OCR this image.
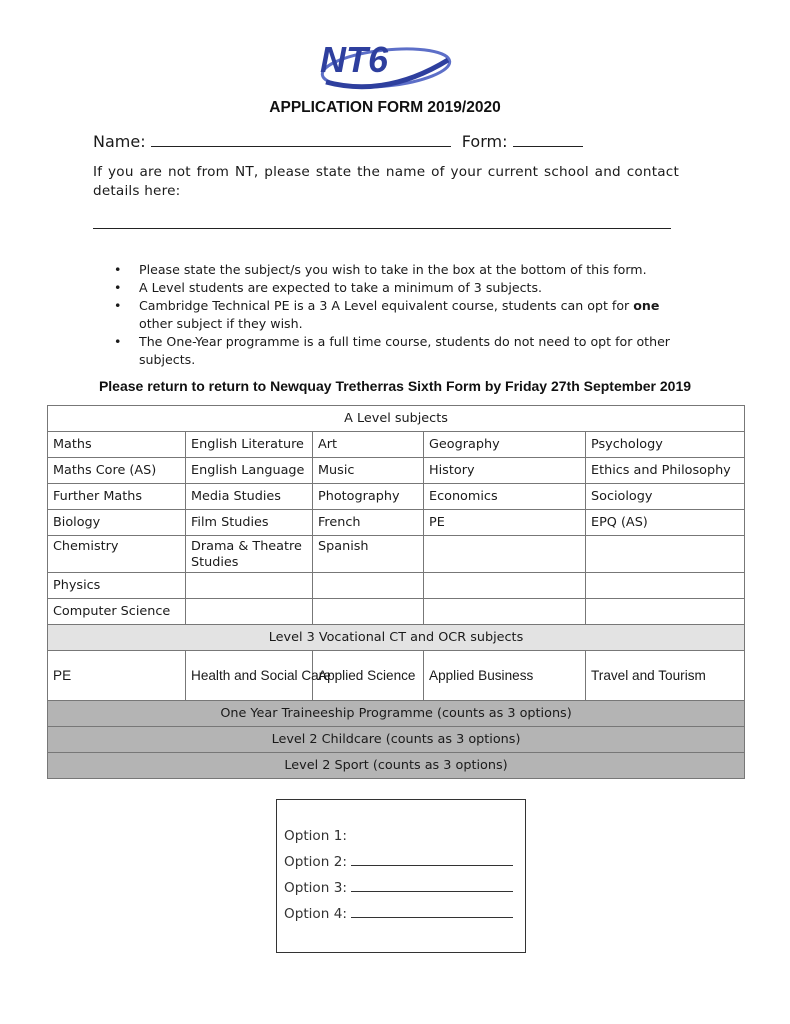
NT6
APPLICATION FORM 2019/2020
Name:	Form:
If you are not from NT, please state the name of your current school and contact details here:
• Please state the subject/s you wish to take in the box at the bottom of this form.
• A Level students are expected to take a minimum of 3 subjects.
• Cambridge Technical PE is a 3 A Level equivalent course, students can opt for one other subject if they wish.
• The One-Year programme is a full time course, students do not need to opt for other subjects.
Please return to return to Newquay Tretherras Sixth Form by Friday 27th September 2019
A Level subjects				
Maths	English Literature	Art	Geography	Psychology
Maths Core (AS)	English Language	Music	History	Ethics and Philosophy
Further Maths	Media Studies	Photography	Economics	Sociology
Biology	Film Studies	French	PE	EPQ (AS)
Chemistry	Drama & Theatre Studies	Spanish		
Physics				
Computer Science				
Level 3 Vocational CT and OCR subjects				
PE	Health and Social Care	Applied Science	Applied Business	Travel and Tourism
One Year Traineeship Programme (counts as 3 options)				
Level 2 Childcare (counts as 3 options)				
Level 2 Sport (counts as 3 options)				
Option 1:
Option 2:
Option 3:
Option 4:
